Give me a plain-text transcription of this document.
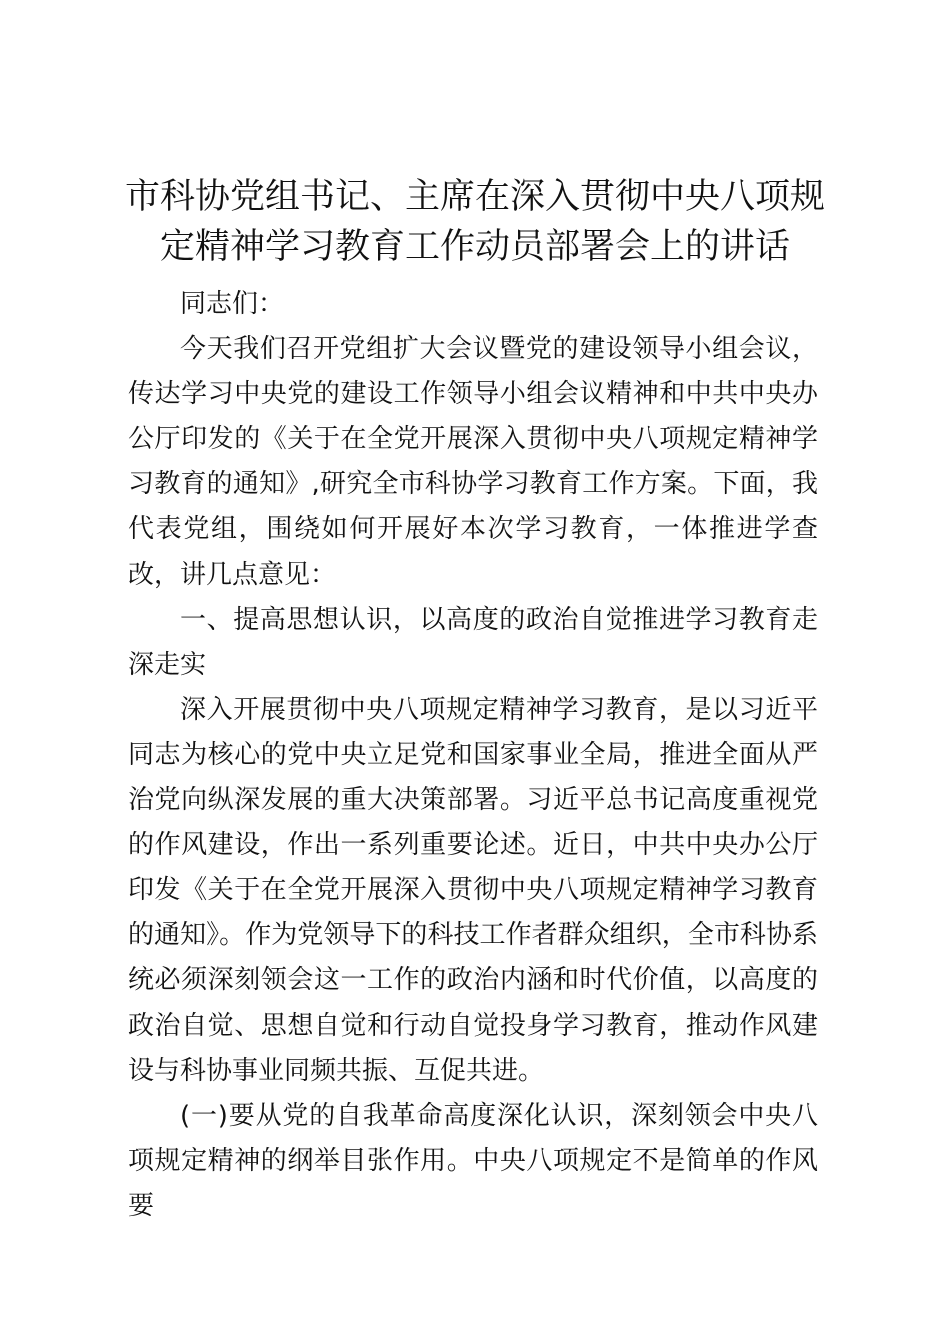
市科协党组书记、主席在深入贯彻中央八项规定精神学习教育工作动员部署会上的讲话

同志们：

今天我们召开党组扩大会议暨党的建设领导小组会议，传达学习中央党的建设工作领导小组会议精神和中共中央办公厅印发的《关于在全党开展深入贯彻中央八项规定精神学习教育的通知》,研究全市科协学习教育工作方案。下面，我代表党组，围绕如何开展好本次学习教育，一体推进学查改，讲几点意见：

一、提高思想认识，以高度的政治自觉推进学习教育走深走实

深入开展贯彻中央八项规定精神学习教育，是以习近平同志为核心的党中央立足党和国家事业全局，推进全面从严治党向纵深发展的重大决策部署。习近平总书记高度重视党的作风建设，作出一系列重要论述。近日，中共中央办公厅印发《关于在全党开展深入贯彻中央八项规定精神学习教育的通知》。作为党领导下的科技工作者群众组织，全市科协系统必须深刻领会这一工作的政治内涵和时代价值，以高度的政治自觉、思想自觉和行动自觉投身学习教育，推动作风建设与科协事业同频共振、互促共进。

(一)要从党的自我革命高度深化认识，深刻领会中央八项规定精神的纲举目张作用。中央八项规定不是简单的作风要
